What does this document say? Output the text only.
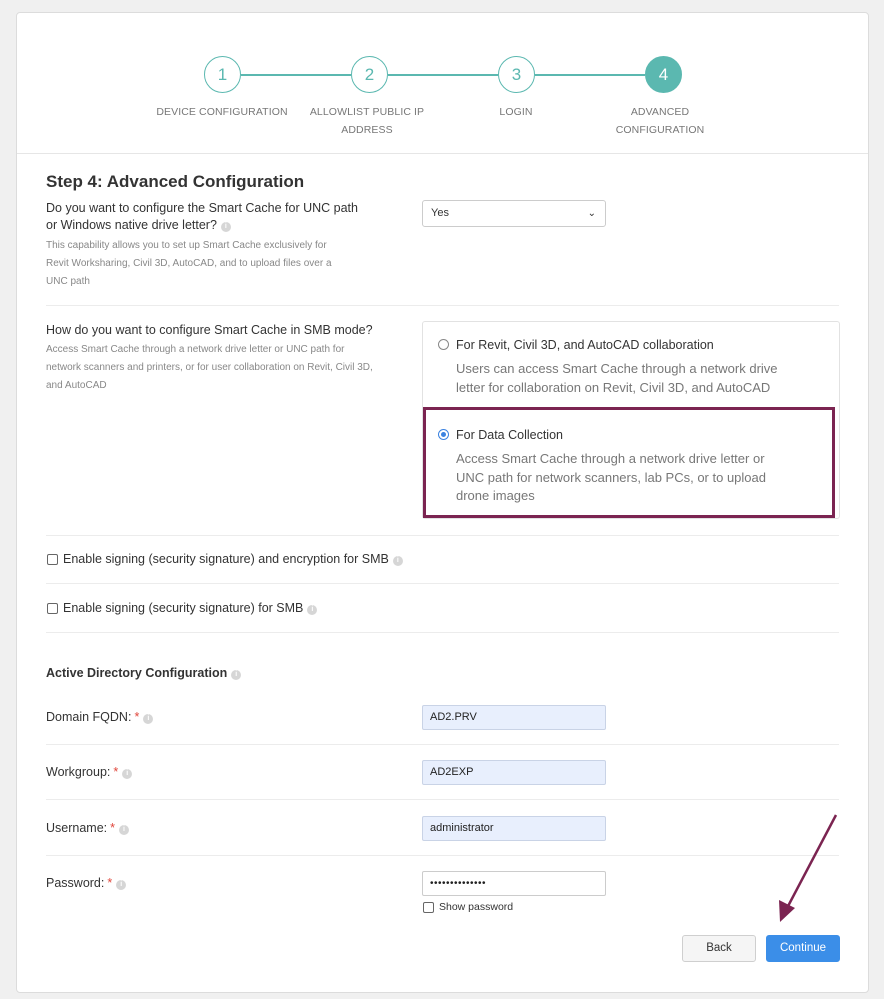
1	2	3	4
DEVICE CONFIGURATION	ALLOWLIST PUBLIC IP ADDRESS
LOGIN	ADVANCED CONFIGURATION
Step 4: Advanced Configuration
Do you want to configure the Smart Cache for UNC path or Windows native drive letter? i
This capability allows you to set up Smart Cache exclusively for Revit Worksharing, Civil 3D, AutoCAD, and to upload files over a UNC path
Yes	⌄
How do you want to configure Smart Cache in SMB mode?
Access Smart Cache through a network drive letter or UNC path for network scanners and printers, or for user collaboration on Revit, Civil 3D, and AutoCAD
For Revit, Civil 3D, and AutoCAD collaboration
Users can access Smart Cache through a network drive letter for collaboration on Revit, Civil 3D, and AutoCAD
For Data Collection
Access Smart Cache through a network drive letter or UNC path for network scanners, lab PCs, or to upload drone images
Enable signing (security signature) and encryption for SMB i
Enable signing (security signature) for SMB i
Active Directory Configuration i
Domain FQDN: * i	AD2.PRV
Workgroup: * i	AD2EXP
Username: * i	administrator
Password: * i	••••••••••••••
Show password
Back	Continue
